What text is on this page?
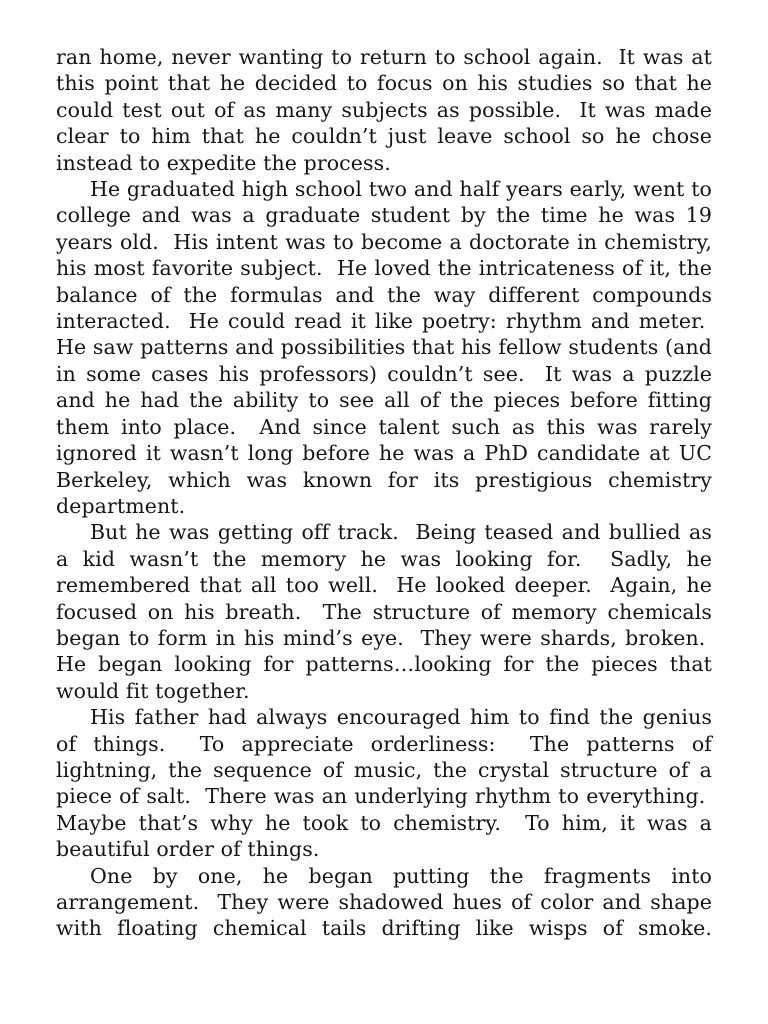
ran home, never wanting to return to school again.  It was at this point that he decided to focus on his studies so that he could test out of as many subjects as possible.  It was made clear to him that he couldn’t just leave school so he chose instead to expedite the process.

He graduated high school two and half years early, went to college and was a graduate student by the time he was 19 years old.  His intent was to become a doctorate in chemistry, his most favorite subject.  He loved the intricateness of it, the balance of the formulas and the way different compounds interacted.  He could read it like poetry: rhythm and meter.  He saw patterns and possibilities that his fellow students (and in some cases his professors) couldn’t see.  It was a puzzle and he had the ability to see all of the pieces before fitting them into place.  And since talent such as this was rarely ignored it wasn’t long before he was a PhD candidate at UC Berkeley, which was known for its prestigious chemistry department.

But he was getting off track.  Being teased and bullied as a kid wasn’t the memory he was looking for.  Sadly, he remembered that all too well.  He looked deeper.  Again, he focused on his breath.  The structure of memory chemicals began to form in his mind’s eye.  They were shards, broken.  He began looking for patterns…looking for the pieces that would fit together.

His father had always encouraged him to find the genius of things.  To appreciate orderliness:  The patterns of lightning, the sequence of music, the crystal structure of a piece of salt.  There was an underlying rhythm to everything.  Maybe that’s why he took to chemistry.  To him, it was a beautiful order of things.

One by one, he began putting the fragments into arrangement.  They were shadowed hues of color and shape with floating chemical tails drifting like wisps of smoke.
